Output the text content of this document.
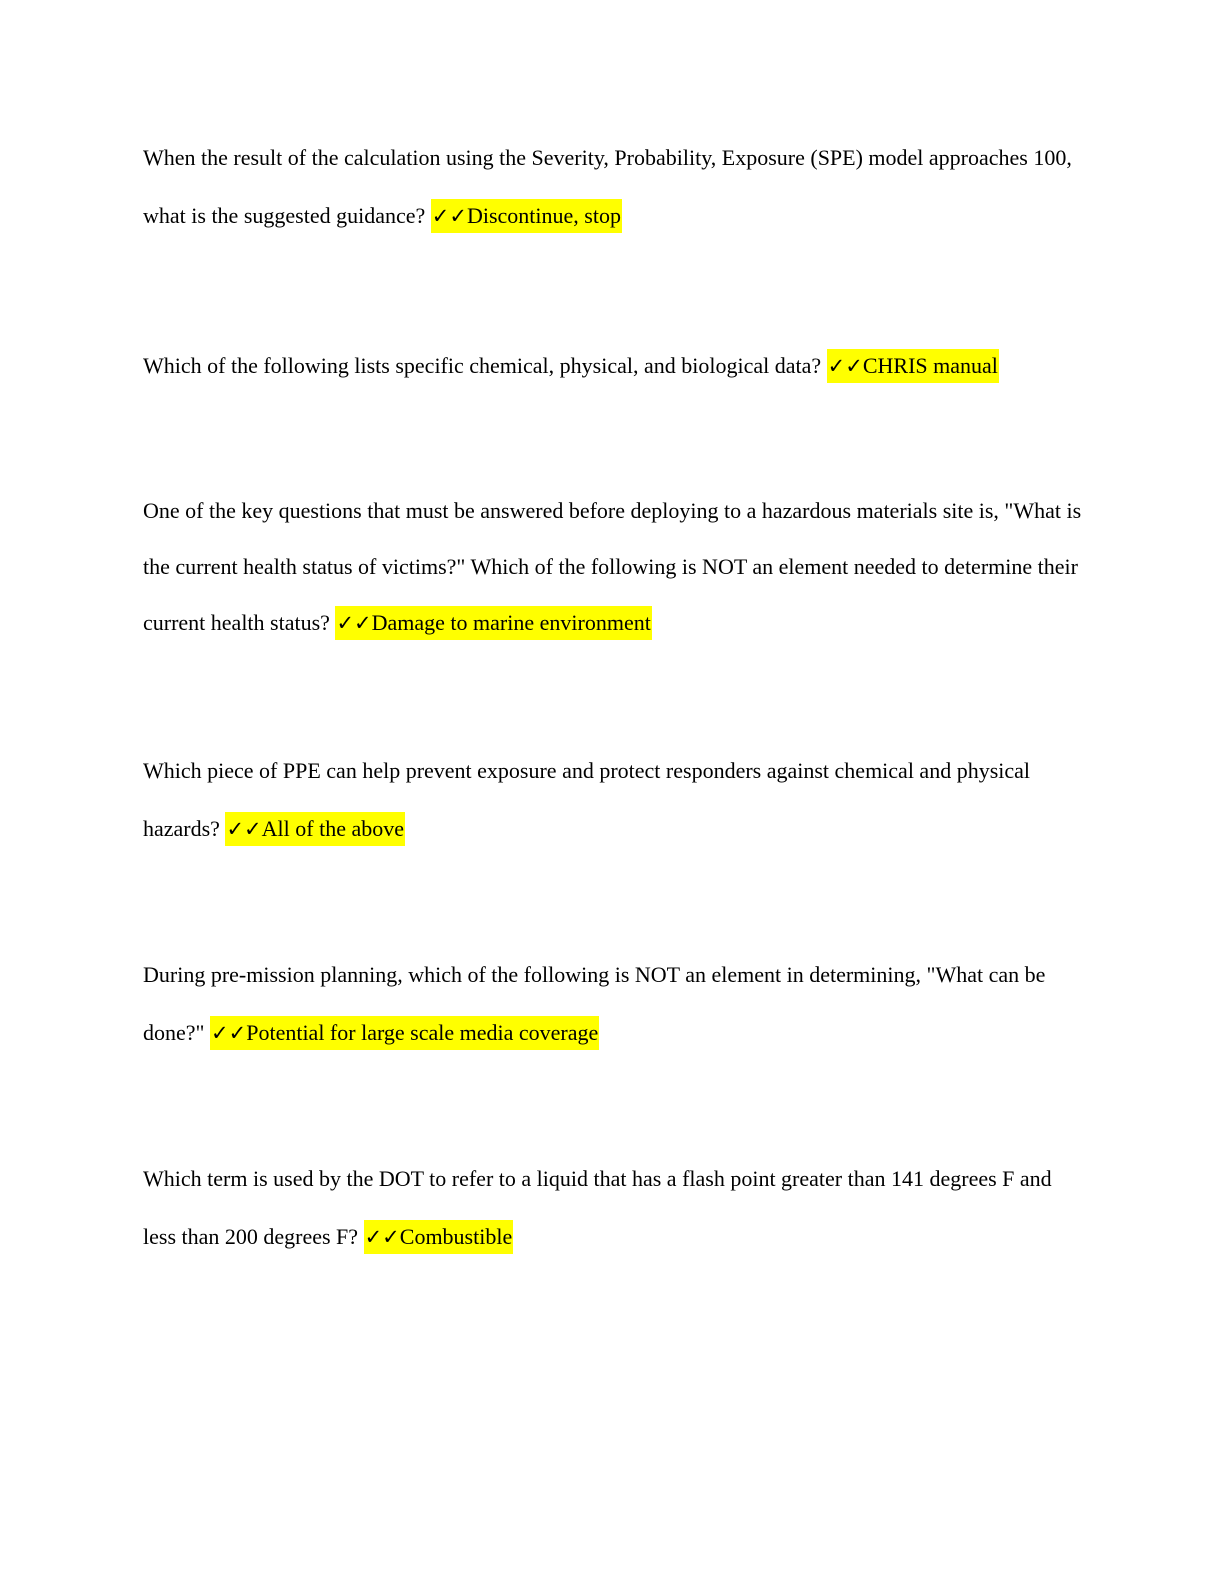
When the result of the calculation using the Severity, Probability, Exposure (SPE) model approaches 100, what is the suggested guidance? ✓✓Discontinue, stop

Which of the following lists specific chemical, physical, and biological data? ✓✓CHRIS manual

One of the key questions that must be answered before deploying to a hazardous materials site is, "What is the current health status of victims?" Which of the following is NOT an element needed to determine their current health status? ✓✓Damage to marine environment

Which piece of PPE can help prevent exposure and protect responders against chemical and physical hazards? ✓✓All of the above

During pre-mission planning, which of the following is NOT an element in determining, "What can be done?" ✓✓Potential for large scale media coverage

Which term is used by the DOT to refer to a liquid that has a flash point greater than 141 degrees F and less than 200 degrees F? ✓✓Combustible
